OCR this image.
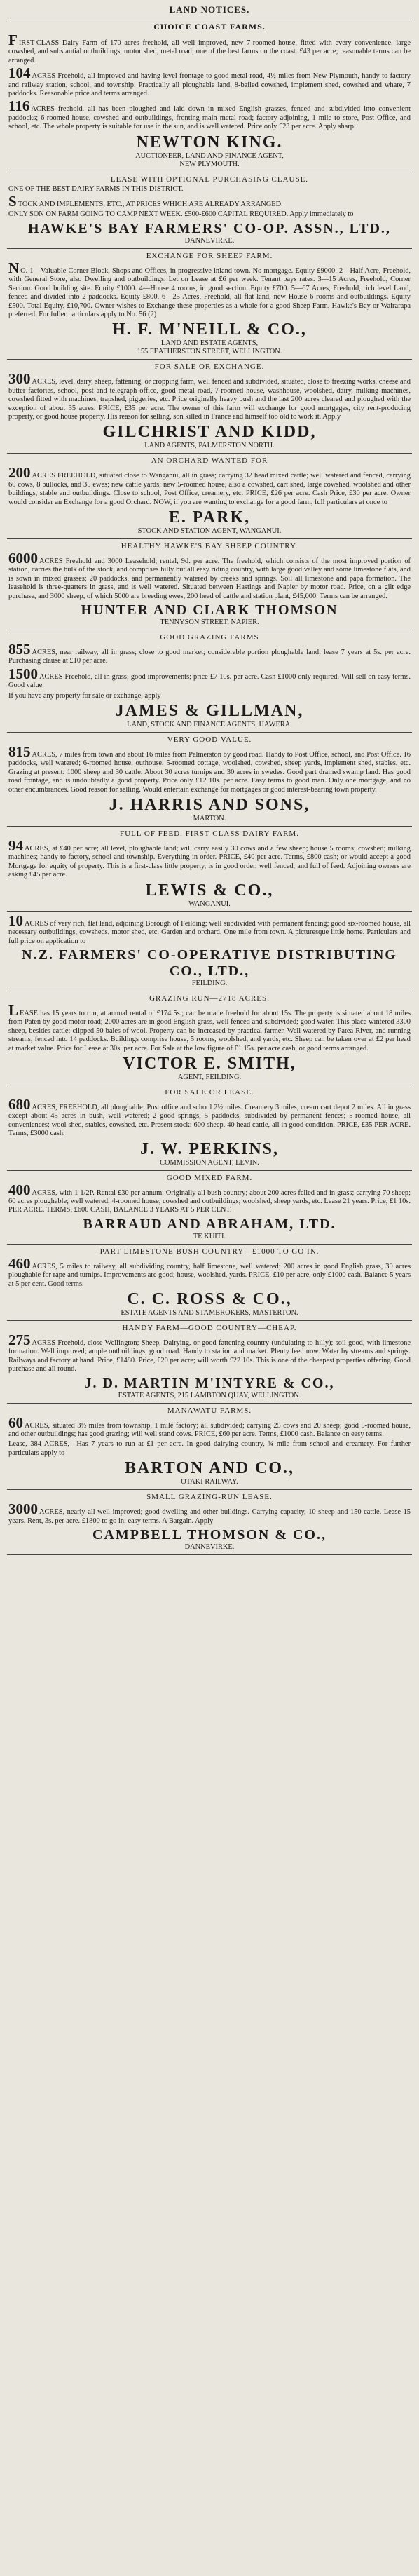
LAND NOTICES.
CHOICE COAST FARMS.

FIRST-CLASS Dairy Farm of 170 acres freehold, all well improved, new 7-roomed house, fitted with every convenience, large cowshed, and substantial outbuildings, motor shed, metal road; one of the best farms on the coast. £43 per acre; reasonable terms can be arranged.

104 ACRES Freehold, all improved and having level frontage to good metal road, 4½ miles from New Plymouth, handy to factory and railway station, school, and township. Practically all ploughable land, 8-bailed cowshed, implement shed, cowshed and whare, 7 paddocks. Reasonable price and terms arranged.

116 ACRES freehold, all has been ploughed and laid down in mixed English grasses, fenced and subdivided into convenient paddocks; 6-roomed house, cowshed and outbuildings, fronting main metal road; factory adjoining, 1 mile to store, Post Office, and school, etc. The whole property is suitable for use in the sun, and is well watered. Price only £23 per acre. Apply sharp.

NEWTON KING.
AUCTIONEER, LAND AND FINANCE AGENT,
NEW PLYMOUTH.
LEASE WITH OPTIONAL PURCHASING CLAUSE.

ONE OF THE BEST DAIRY FARMS IN THIS DISTRICT.

STOCK AND IMPLEMENTS, ETC., AT PRICES WHICH ARE ALREADY ARRANGED.

ONLY SON ON FARM GOING TO CAMP NEXT WEEK. £500-£600 CAPITAL REQUIRED. Apply immediately to

HAWKE'S BAY FARMERS' CO-OP. ASSN., LTD.,
DANNEVIRKE.
EXCHANGE FOR SHEEP FARM.

N O. 1—Valuable Corner Block, Shops and Offices, in progressive inland town. No mortgage. Equity £9000. 2—Half Acre, Freehold, with General Store, also Dwelling and outbuildings. Let on Lease at £6 per week. Tenant pays rates. 3—15 Acres, Freehold, Corner Section. Good building site. Equity £1000. 4—House 4 rooms, in good section. Equity £700. 5—67 Acres, Freehold, rich level Land, fenced and divided into 2 paddocks. Equity £800. 6—25 Acres, Freehold, all flat land, new House 6 rooms and outbuildings. Equity £500. Total Equity, £10,700. Owner wishes to Exchange these properties as a whole for a good Sheep Farm, Hawke's Bay or Wairarapa preferred. For fuller particulars apply to No. 56 (2)

H. F. M'NEILL & CO.,
LAND AND ESTATE AGENTS,
155 FEATHERSTON STREET, WELLINGTON.
FOR SALE OR EXCHANGE.

300 ACRES, level, dairy, sheep, fattening, or cropping farm, well fenced and subdivided, situated, close to freezing works, cheese and butter factories, school, post and telegraph office, good metal road, 7-roomed house, washhouse, woolshed, dairy, milking machines, cowshed fitted with machines, trapshed, piggeries, etc. Price originally heavy bush and the last 200 acres cleared and ploughed with the exception of about 35 acres. PRICE, £35 per acre. The owner of this farm will exchange for good mortgages, city rent-producing property, or good house property. His reason for selling, son killed in France and himself too old to work it. Apply

GILCHRIST AND KIDD,
LAND AGENTS, PALMERSTON NORTH.
AN ORCHARD WANTED FOR

200 ACRES FREEHOLD, situated close to Wanganui, all in grass; carrying 32 head mixed cattle; well watered and fenced, carrying 60 cows, 8 bullocks, and 35 ewes; new cattle yards; new 5-roomed house, also a cowshed, cart shed, large cowshed, woolshed and other buildings, stable and outbuildings. Close to school, Post Office, creamery, etc. PRICE, £26 per acre. Cash Price, £30 per acre. Owner would consider an Exchange for a good Orchard. NOW, if you are wanting to exchange for a good farm, full particulars at once to

E. PARK,
STOCK AND STATION AGENT, WANGANUI.
HEALTHY HAWKE'S BAY SHEEP COUNTRY.

6000 ACRES Freehold and 3000 Leasehold; rental, 9d. per acre. The freehold, which consists of the most improved portion of station, carries the bulk of the stock, and comprises hilly but all easy riding country, with large good valley and some limestone flats, and is sown in mixed grasses; 20 paddocks, and permanently watered by creeks and springs. Soil all limestone and papa formation. The leasehold is three-quarters in grass, and is well watered. Situated between Hastings and Napier by motor road. Price, on a gilt edge purchase, and 3000 sheep, of which 5000 are breeding ewes, 200 head of cattle and station plant, £45,000. Terms can be arranged.

HUNTER AND CLARK THOMSON
TENNYSON STREET, NAPIER.
GOOD GRAZING FARMS

855 ACRES, near railway, all in grass; close to good market; considerable portion ploughable land; lease 7 years at 5s. per acre. Purchasing clause at £10 per acre.

1500 ACRES Freehold, all in grass; good improvements; price £7 10s. per acre. Cash £1000 only required. Will sell on easy terms. Good value.

If you have any property for sale or exchange, apply

JAMES & GILLMAN,
LAND, STOCK AND FINANCE AGENTS, HAWERA.
VERY GOOD VALUE.

815 ACRES, 7 miles from town and about 16 miles from Palmerston by good road. Handy to Post Office, school, and Post Office. 16 paddocks, well watered; 6-roomed house, outhouse, 5-roomed cottage, woolshed, cowshed, sheep yards, implement shed, stables, etc. Grazing at present: 1000 sheep and 30 cattle. About 30 acres turnips and 30 acres in swedes. Good part drained swamp land. Has good road frontage, and is undoubtedly a good property. Price only £12 10s. per acre. Easy terms to good man. Only one mortgage, and no other encumbrances. Good reason for selling. Would entertain exchange for mortgages or good interest-bearing town property.

J. HARRIS AND SONS,
MARTON.
FULL OF FEED. FIRST-CLASS DAIRY FARM.

94 ACRES, at £40 per acre; all level, ploughable land; will carry easily 30 cows and a few sheep; house 5 rooms; cowshed; milking machines; handy to factory, school and township. Everything in order. PRICE, £40 per acre. Terms, £800 cash; or would accept a good Mortgage for equity of property. This is a first-class little property, is in good order, well fenced, and full of feed. Adjoining owners are asking £45 per acre.

LEWIS & CO.,
WANGANUI.

10 ACRES of very rich, flat land, adjoining Borough of Feilding; well subdivided with permanent fencing; good six-roomed house, all necessary outbuildings, cowsheds, motor shed, etc. Garden and orchard. One mile from town. A picturesque little home. Particulars and full price on application to

N.Z. FARMERS' CO-OPERATIVE DISTRIBUTING CO., LTD.,
FEILDING.
GRAZING RUN—2718 ACRES.

LEASE has 15 years to run, at annual rental of £174 5s.; can be made freehold for about 15s. The property is situated about 18 miles from Paten by good motor road; 2000 acres are in good English grass, well fenced and subdivided; good water. This place wintered 3300 sheep, besides cattle; clipped 50 bales of wool. Property can be increased by practical farmer. Well watered by Patea River, and running streams; fenced into 14 paddocks. Buildings comprise house, 5 rooms, woolshed, and yards, etc. Sheep can be taken over at £2 per head at market value. Price for Lease at 30s. per acre. For Sale at the low figure of £1 15s. per acre cash, or good terms arranged.

VICTOR E. SMITH,
AGENT, FEILDING.
FOR SALE OR LEASE.

680 ACRES, FREEHOLD, all ploughable; Post office and school 2½ miles. Creamery 3 miles, cream cart depot 2 miles. All in grass except about 45 acres in bush, well watered; 2 good springs, 5 paddocks, subdivided by permanent fences; 5-roomed house, all conveniences; wool shed, stables, cowshed, etc. Present stock: 600 sheep, 40 head cattle, all in good condition. PRICE, £35 PER ACRE. Terms, £3000 cash.

J. W. PERKINS,
COMMISSION AGENT, LEVIN.
GOOD MIXED FARM.

400 ACRES, with 1 1/2P. Rental £30 per annum. Originally all bush country; about 200 acres felled and in grass; carrying 70 sheep; 60 acres ploughable; well watered; 4-roomed house, cowshed and outbuildings; woolshed, sheep yards, etc. Lease 21 years. Price, £1 10s. PER ACRE. TERMS, £600 CASH, BALANCE 3 YEARS AT 5 PER CENT.

BARRAUD AND ABRAHAM, LTD.
TE KUITI.
PART LIMESTONE BUSH COUNTRY—£1000 TO GO IN.

460 ACRES, 5 miles to railway, all subdividing country, half limestone, well watered; 200 acres in good English grass, 30 acres ploughable for rape and turnips. Improvements are good; house, woolshed, yards. PRICE, £10 per acre, only £1000 cash. Balance 5 years at 5 per cent. Good terms.

C. C. ROSS & CO.,
ESTATE AGENTS AND STAMBROKERS, MASTERTON.
HANDY FARM—GOOD COUNTRY—CHEAP.

275 ACRES Freehold, close Wellington; Sheep, Dairying, or good fattening country (undulating to hilly); soil good, with limestone formation. Well improved; ample outbuildings; good road. Handy to station and market. Plenty feed now. Water by streams and springs. Railways and factory at hand. Price, £1480. Price, £20 per acre; will worth £22 10s. This is one of the cheapest properties offering. Good purchase and all round.

J. D. MARTIN M'INTYRE & CO.,
ESTATE AGENTS, 215 LAMBTON QUAY, WELLINGTON.
MANAWATU FARMS.

60 ACRES, situated 3½ miles from township, 1 mile factory; all subdivided; carrying 25 cows and 20 sheep; good 5-roomed house, and other outbuildings; has good grazing; will well stand cows. PRICE, £60 per acre. Terms, £1000 cash. Balance on easy terms.

Lease, 384 ACRES,—Has 7 years to run at £1 per acre. In good dairying country, ¾ mile from school and creamery. For further particulars apply to

BARTON AND CO.,
OTAKI RAILWAY.
SMALL GRAZING-RUN LEASE.

3000 ACRES, nearly all well improved; good dwelling and other buildings. Carrying capacity, 10 sheep and 150 cattle. Lease 15 years. Rent, 3s. per acre. £1800 to go in; easy terms. A Bargain. Apply

CAMPBELL THOMSON & CO.,
DANNEVIRKE.
